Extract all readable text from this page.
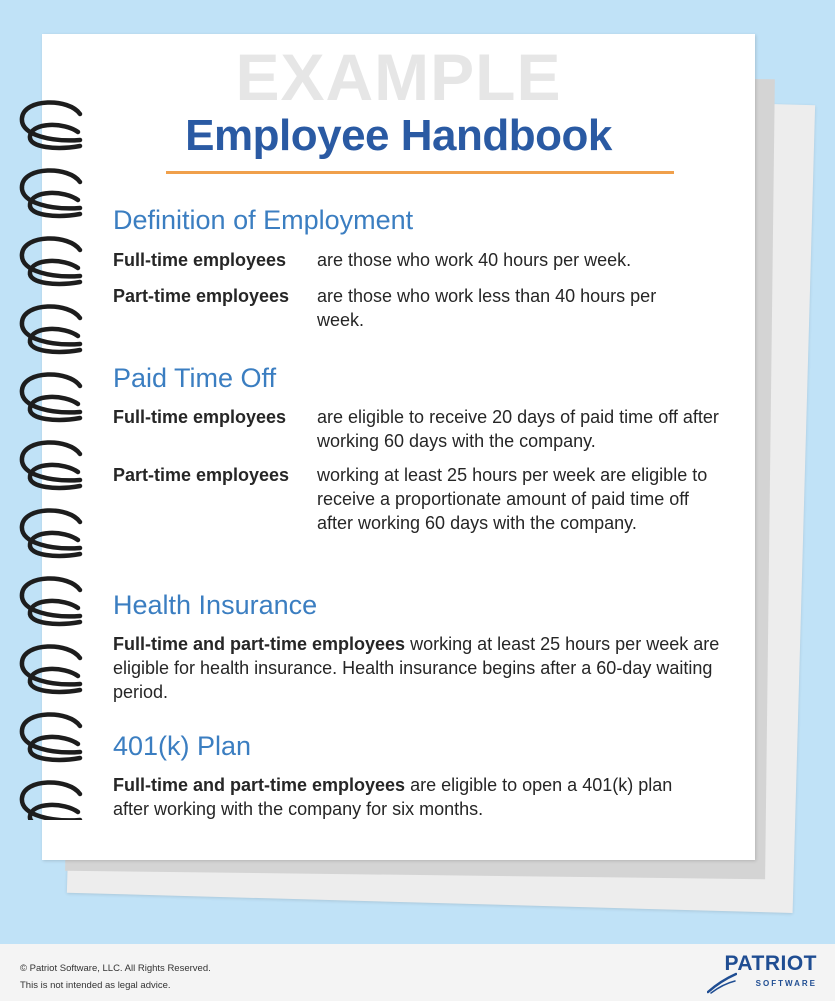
EXAMPLE
Employee Handbook
Definition of Employment
Full-time employees are those who work 40 hours per week.
Part-time employees are those who work less than 40 hours per week.
Paid Time Off
Full-time employees are eligible to receive 20 days of paid time off after working 60 days with the company.
Part-time employees working at least 25 hours per week are eligible to receive a proportionate amount of paid time off after working 60 days with the company.
Health Insurance
Full-time and part-time employees working at least 25 hours per week are eligible for health insurance. Health insurance begins after a 60-day waiting period.
401(k) Plan
Full-time and part-time employees are eligible to open a 401(k) plan after working with the company for six months.
© Patriot Software, LLC. All Rights Reserved.
This is not intended as legal advice.
PATRIOT
SOFTWARE
